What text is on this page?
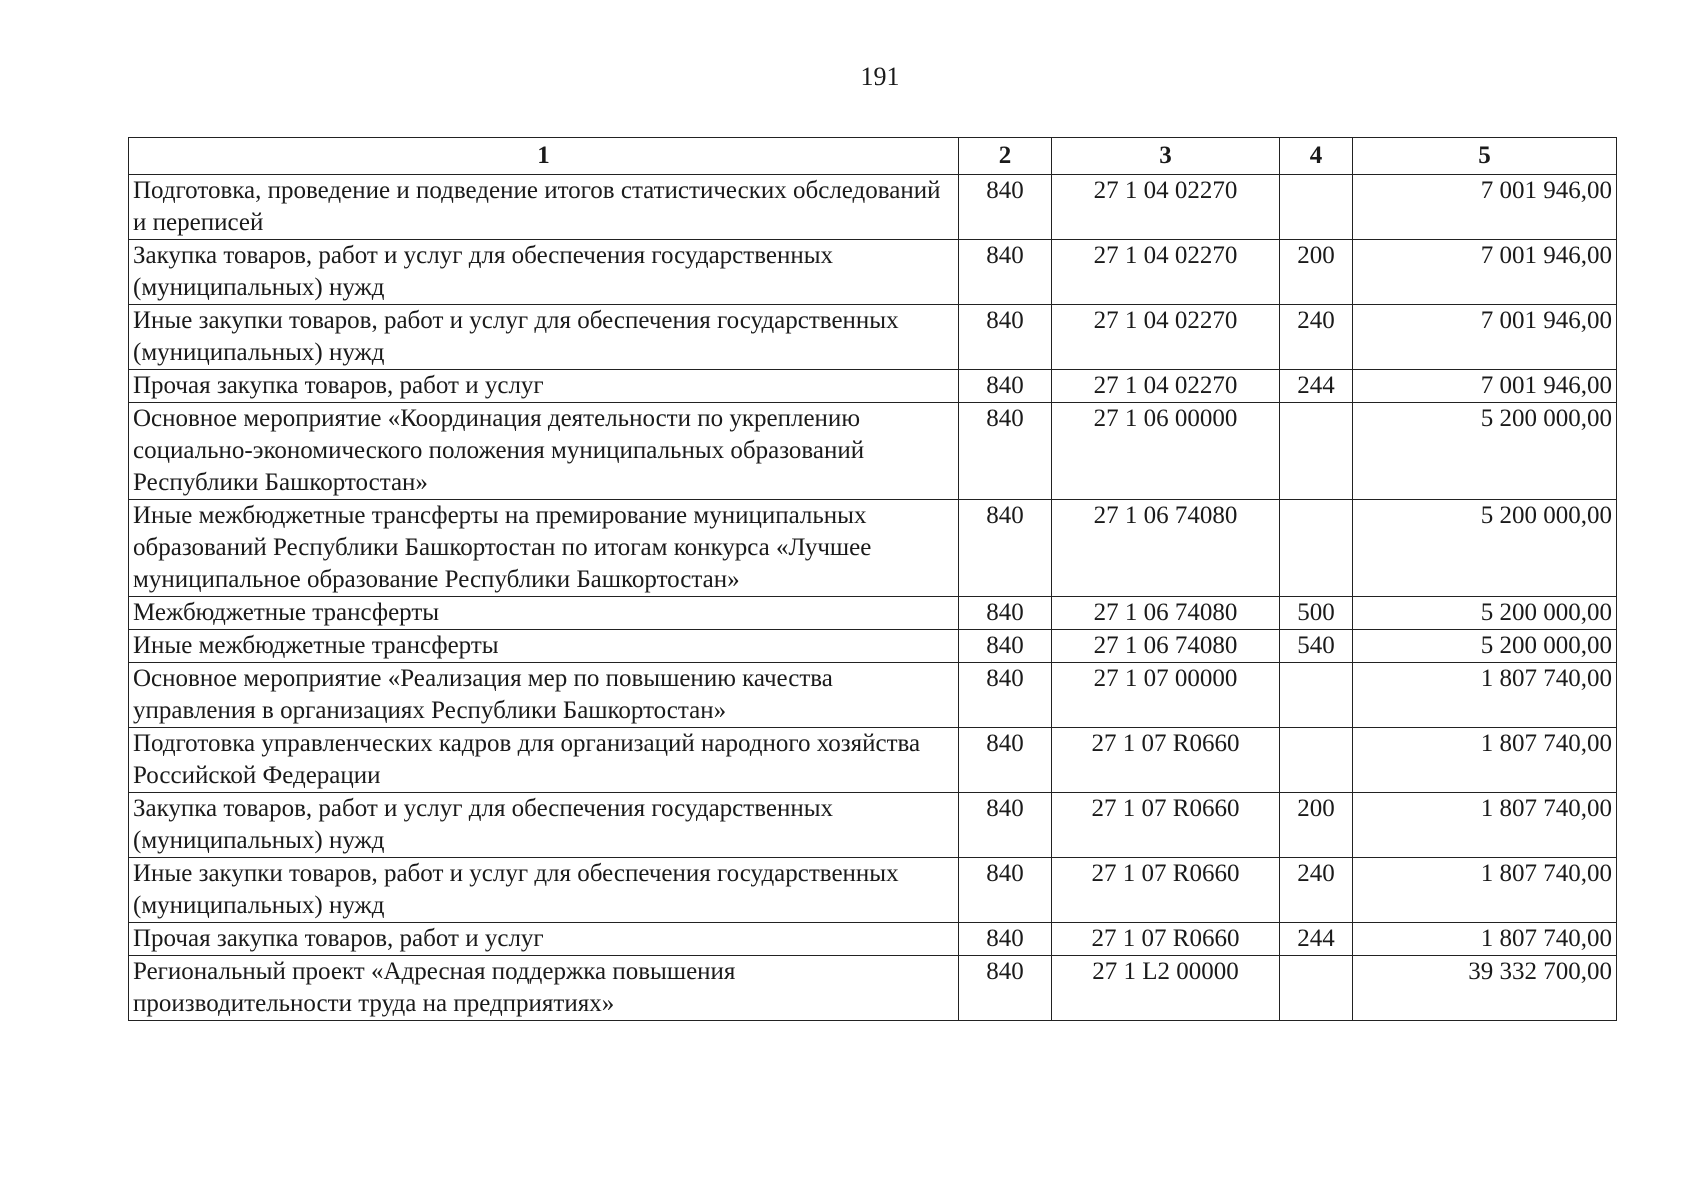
191
1	2	3	4	5
Подготовка, проведение и подведение итогов статистических обследований и переписей	840	27 1 04 02270		7 001 946,00
Закупка товаров, работ и услуг для обеспечения государственных (муниципальных) нужд	840	27 1 04 02270	200	7 001 946,00
Иные закупки товаров, работ и услуг для обеспечения государственных (муниципальных) нужд	840	27 1 04 02270	240	7 001 946,00
Прочая закупка товаров, работ и услуг	840	27 1 04 02270	244	7 001 946,00
Основное мероприятие «Координация деятельности по укреплению социально-экономического положения муниципальных образований Республики Башкортостан»	840	27 1 06 00000		5 200 000,00
Иные межбюджетные трансферты на премирование муниципальных образований Республики Башкортостан по итогам конкурса «Лучшее муниципальное образование Республики Башкортостан»	840	27 1 06 74080		5 200 000,00
Межбюджетные трансферты	840	27 1 06 74080	500	5 200 000,00
Иные межбюджетные трансферты	840	27 1 06 74080	540	5 200 000,00
Основное мероприятие «Реализация мер по повышению качества управления в организациях Республики Башкортостан»	840	27 1 07 00000		1 807 740,00
Подготовка управленческих кадров для организаций народного хозяйства Российской Федерации	840	27 1 07 R0660		1 807 740,00
Закупка товаров, работ и услуг для обеспечения государственных (муниципальных) нужд	840	27 1 07 R0660	200	1 807 740,00
Иные закупки товаров, работ и услуг для обеспечения государственных (муниципальных) нужд	840	27 1 07 R0660	240	1 807 740,00
Прочая закупка товаров, работ и услуг	840	27 1 07 R0660	244	1 807 740,00
Региональный проект «Адресная поддержка повышения производительности труда на предприятиях»	840	27 1 L2 00000		39 332 700,00
